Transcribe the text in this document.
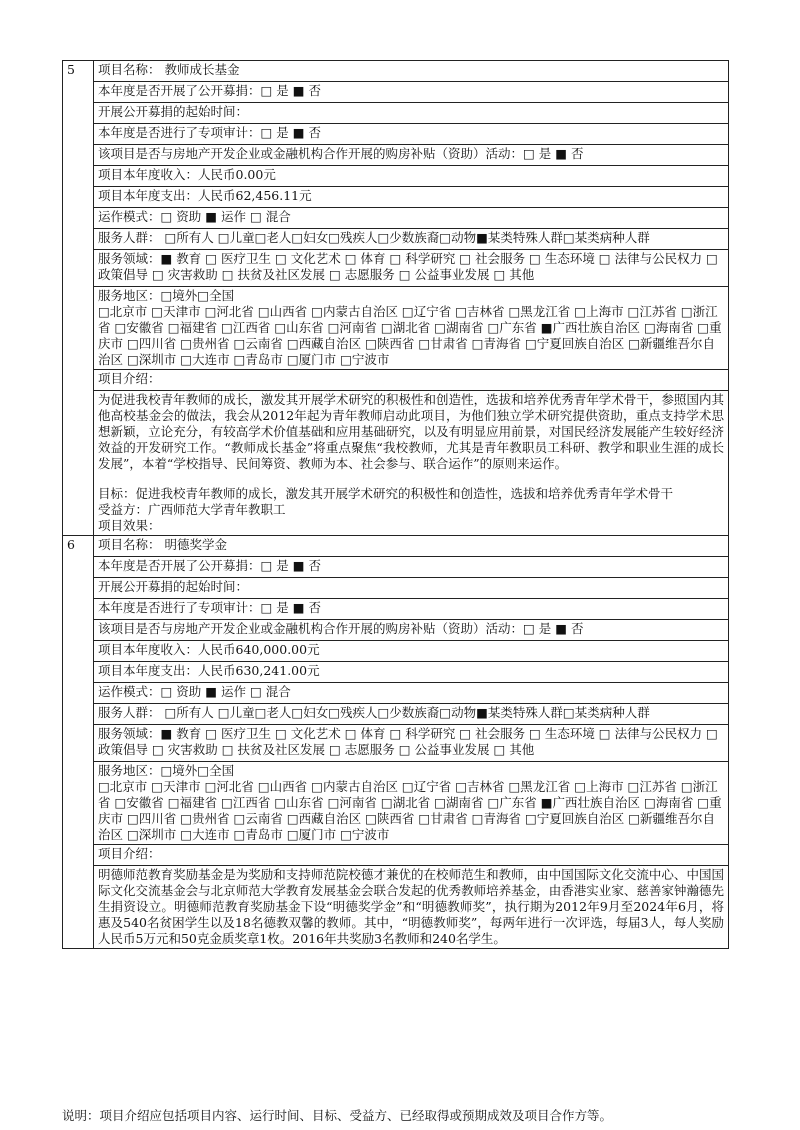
5	项目名称： 教师成长基金
	本年度是否开展了公开募捐：□ 是 ■ 否
	开展公开募捐的起始时间：
	本年度是否进行了专项审计：□ 是 ■ 否
	该项目是否与房地产开发企业或金融机构合作开展的购房补贴（资助）活动：□ 是 ■ 否
	项目本年度收入：人民币0.00元
	项目本年度支出：人民币62,456.11元
	运作模式：□ 资助 ■ 运作 □ 混合
	服务人群： □所有人 □儿童□老人□妇女□残疾人□少数族裔□动物■某类特殊人群□某类病种人群
	服务领域：■ 教育 □ 医疗卫生 □ 文化艺术 □ 体育 □ 科学研究 □ 社会服务 □ 生态环境 □ 法律与公民权力 □ 政策倡导 □ 灾害救助 □ 扶贫及社区发展 □ 志愿服务 □ 公益事业发展 □ 其他

	服务地区：□境外□全国
□北京市 □天津市 □河北省 □山西省 □内蒙古自治区 □辽宁省 □吉林省 □黑龙江省 □上海市 □江苏省 □浙江省 □安徽省 □福建省 □江西省 □山东省 □河南省 □湖北省 □湖南省 □广东省 ■广西壮族自治区 □海南省 □重庆市 □四川省 □贵州省 □云南省 □西藏自治区 □陕西省 □甘肃省 □青海省 □宁夏回族自治区 □新疆维吾尔自治区 □深圳市 □大连市 □青岛市 □厦门市 □宁波市

	项目介绍：

	为促进我校青年教师的成长，激发其开展学术研究的积极性和创造性，选拔和培养优秀青年学术骨干，参照国内其他高校基金会的做法，我会从2012年起为青年教师启动此项目，为他们独立学术研究提供资助，重点支持学术思想新颖，立论充分，有较高学术价值基础和应用基础研究，以及有明显应用前景，对国民经济发展能产生较好经济效益的开发研究工作。“教师成长基金”将重点聚焦“我校教师，尤其是青年教职员工科研、教学和职业生涯的成长发展”，本着“学校指导、民间筹资、教师为本、社会参与、联合运作”的原则来运作。

目标：促进我校青年教师的成长，激发其开展学术研究的积极性和创造性，选拔和培养优秀青年学术骨干

受益方：广西师范大学青年教职工

项目效果：

6	项目名称： 明德奖学金
	本年度是否开展了公开募捐：□ 是 ■ 否
	开展公开募捐的起始时间：
	本年度是否进行了专项审计：□ 是 ■ 否
	该项目是否与房地产开发企业或金融机构合作开展的购房补贴（资助）活动：□ 是 ■ 否
	项目本年度收入：人民币640,000.00元
	项目本年度支出：人民币630,241.00元
	运作模式：□ 资助 ■ 运作 □ 混合
	服务人群： □所有人 □儿童□老人□妇女□残疾人□少数族裔□动物■某类特殊人群□某类病种人群
	服务领域：■ 教育 □ 医疗卫生 □ 文化艺术 □ 体育 □ 科学研究 □ 社会服务 □ 生态环境 □ 法律与公民权力 □ 政策倡导 □ 灾害救助 □ 扶贫及社区发展 □ 志愿服务 □ 公益事业发展 □ 其他

	服务地区：□境外□全国
□北京市 □天津市 □河北省 □山西省 □内蒙古自治区 □辽宁省 □吉林省 □黑龙江省 □上海市 □江苏省 □浙江省 □安徽省 □福建省 □江西省 □山东省 □河南省 □湖北省 □湖南省 □广东省 ■广西壮族自治区 □海南省 □重庆市 □四川省 □贵州省 □云南省 □西藏自治区 □陕西省 □甘肃省 □青海省 □宁夏回族自治区 □新疆维吾尔自治区 □深圳市 □大连市 □青岛市 □厦门市 □宁波市

	项目介绍：

	明德师范教育奖励基金是为奖励和支持师范院校德才兼优的在校师范生和教师，由中国国际文化交流中心、中国国际文化交流基金会与北京师范大学教育发展基金会联合发起的优秀教师培养基金，由香港实业家、慈善家钟瀚德先生捐资设立。明德师范教育奖励基金下设“明德奖学金”和“明德教师奖”，执行期为2012年9月至2024年6月，将惠及540名贫困学生以及18名德教双馨的教师。其中，“明德教师奖”，每两年进行一次评选，每届3人，每人奖励人民币5万元和50克金质奖章1枚。2016年共奖励3名教师和240名学生。

说明：项目介绍应包括项目内容、运行时间、目标、受益方、已经取得或预期成效及项目合作方等。
